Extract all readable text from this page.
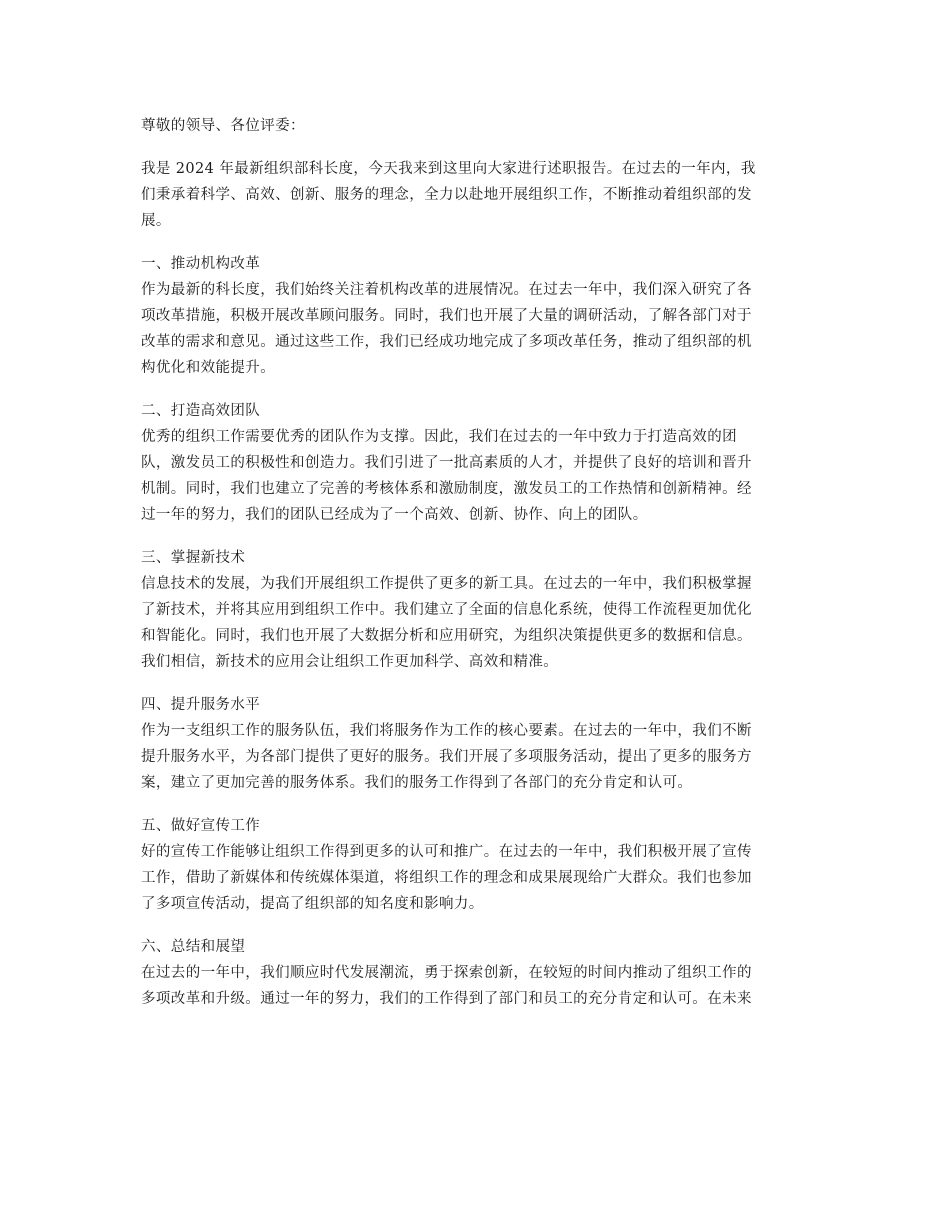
尊敬的领导、各位评委：
我是 2024 年最新组织部科长度，今天我来到这里向大家进行述职报告。在过去的一年内，我
们秉承着科学、高效、创新、服务的理念，全力以赴地开展组织工作，不断推动着组织部的发
展。
一、推动机构改革
作为最新的科长度，我们始终关注着机构改革的进展情况。在过去一年中，我们深入研究了各
项改革措施，积极开展改革顾问服务。同时，我们也开展了大量的调研活动，了解各部门对于
改革的需求和意见。通过这些工作，我们已经成功地完成了多项改革任务，推动了组织部的机
构优化和效能提升。
二、打造高效团队
优秀的组织工作需要优秀的团队作为支撑。因此，我们在过去的一年中致力于打造高效的团
队，激发员工的积极性和创造力。我们引进了一批高素质的人才，并提供了良好的培训和晋升
机制。同时，我们也建立了完善的考核体系和激励制度，激发员工的工作热情和创新精神。经
过一年的努力，我们的团队已经成为了一个高效、创新、协作、向上的团队。
三、掌握新技术
信息技术的发展，为我们开展组织工作提供了更多的新工具。在过去的一年中，我们积极掌握
了新技术，并将其应用到组织工作中。我们建立了全面的信息化系统，使得工作流程更加优化
和智能化。同时，我们也开展了大数据分析和应用研究，为组织决策提供更多的数据和信息。
我们相信，新技术的应用会让组织工作更加科学、高效和精准。
四、提升服务水平
作为一支组织工作的服务队伍，我们将服务作为工作的核心要素。在过去的一年中，我们不断
提升服务水平，为各部门提供了更好的服务。我们开展了多项服务活动，提出了更多的服务方
案，建立了更加完善的服务体系。我们的服务工作得到了各部门的充分肯定和认可。
五、做好宣传工作
好的宣传工作能够让组织工作得到更多的认可和推广。在过去的一年中，我们积极开展了宣传
工作，借助了新媒体和传统媒体渠道，将组织工作的理念和成果展现给广大群众。我们也参加
了多项宣传活动，提高了组织部的知名度和影响力。
六、总结和展望
在过去的一年中，我们顺应时代发展潮流，勇于探索创新，在较短的时间内推动了组织工作的
多项改革和升级。通过一年的努力，我们的工作得到了部门和员工的充分肯定和认可。在未来
